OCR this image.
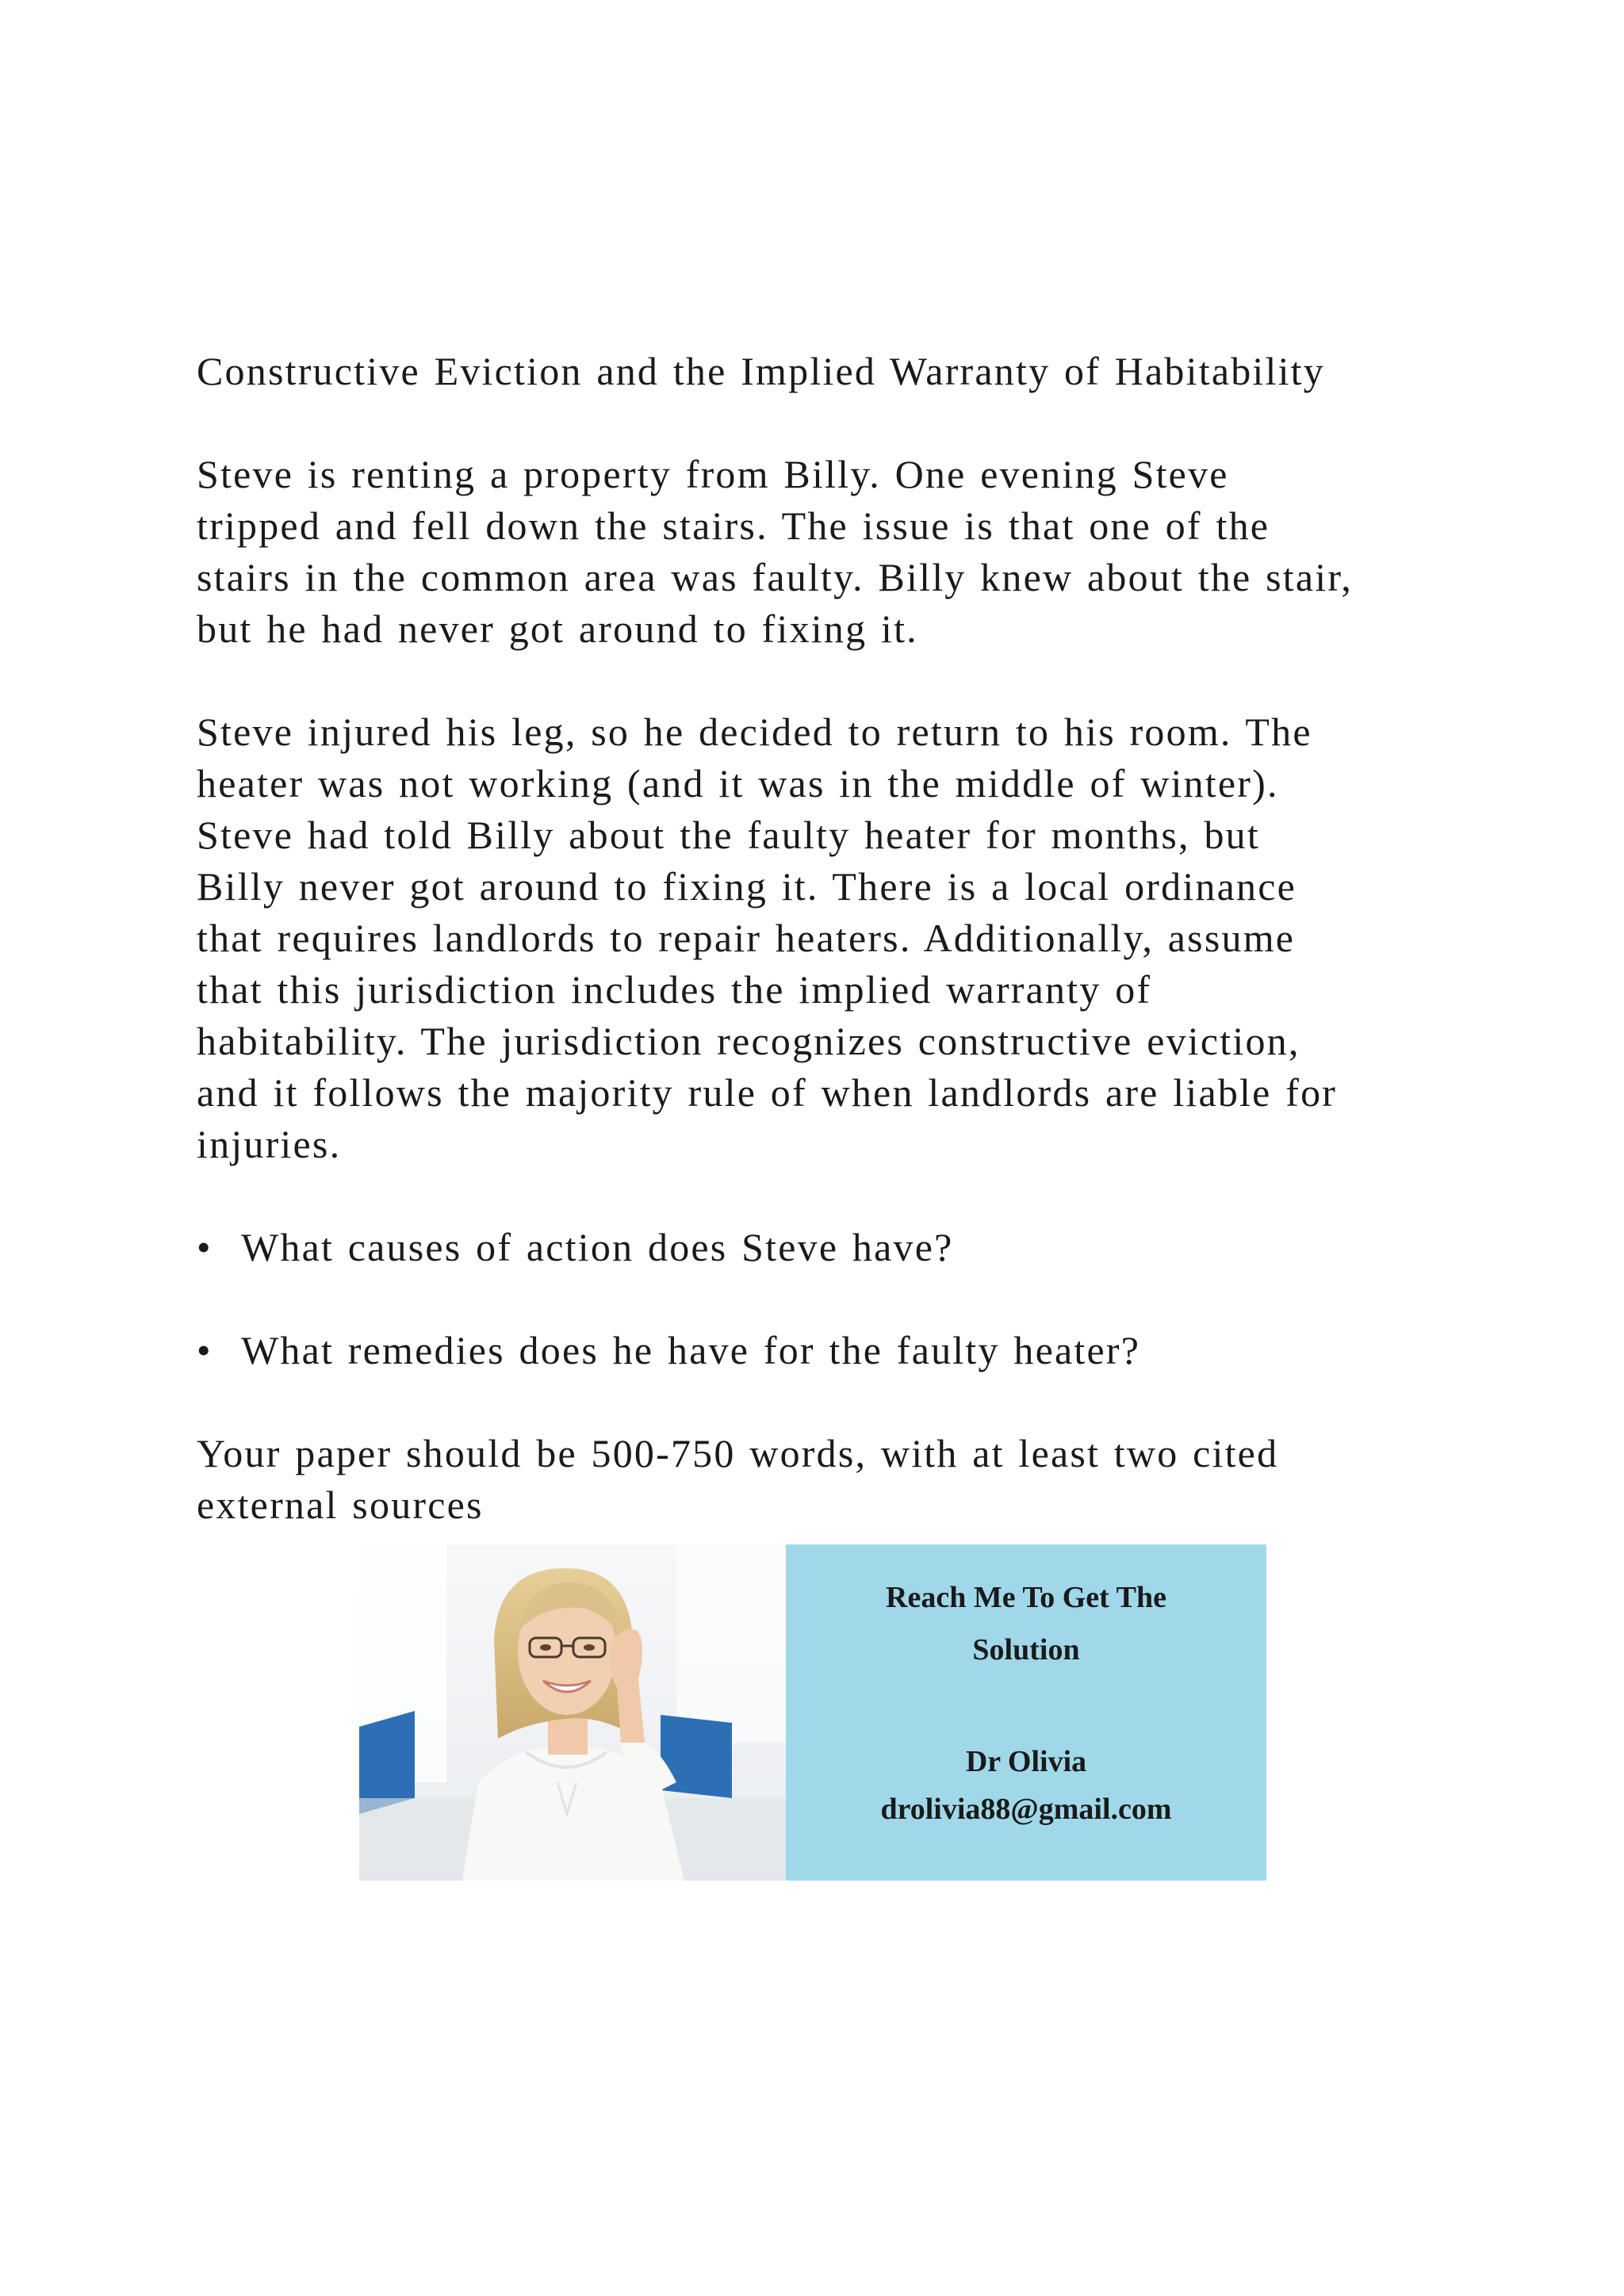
Constructive Eviction and the Implied Warranty of Habitability

Steve is renting a property from Billy. One evening Steve
tripped and fell down the stairs. The issue is that one of the
stairs in the common area was faulty. Billy knew about the stair,
but he had never got around to fixing it.

Steve injured his leg, so he decided to return to his room. The
heater was not working (and it was in the middle of winter).
Steve had told Billy about the faulty heater for months, but
Billy never got around to fixing it. There is a local ordinance
that requires landlords to repair heaters. Additionally, assume
that this jurisdiction includes the implied warranty of
habitability. The jurisdiction recognizes constructive eviction,
and it follows the majority rule of when landlords are liable for
injuries.

• What causes of action does Steve have?
• What remedies does he have for the faulty heater?

Your paper should be 500-750 words, with at least two cited
external sources

Reach Me To Get The
Solution
Dr Olivia
drolivia88@gmail.com
